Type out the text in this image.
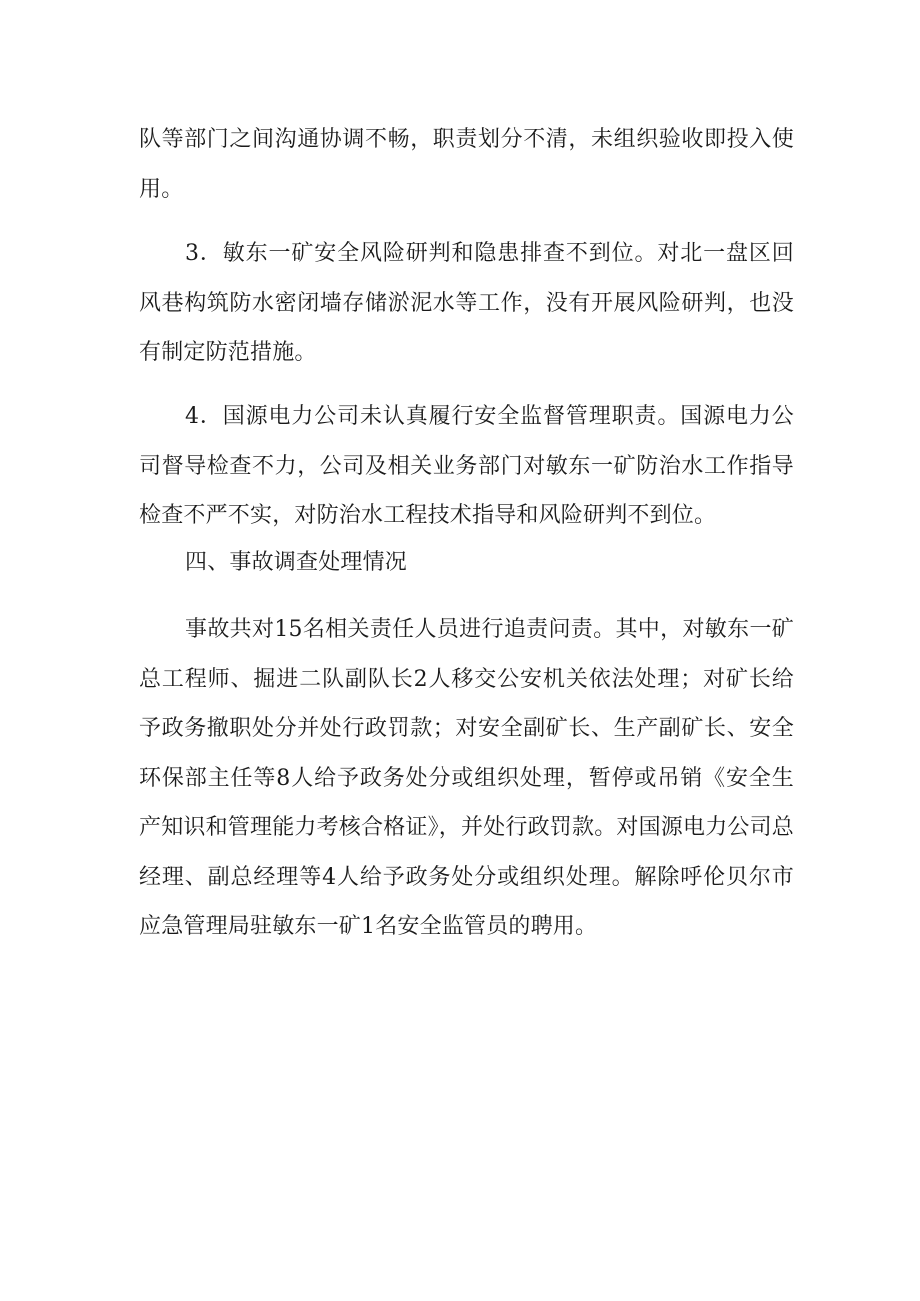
队等部门之间沟通协调不畅，职责划分不清，未组织验收即投入使用。

3．敏东一矿安全风险研判和隐患排查不到位。对北一盘区回风巷构筑防水密闭墙存储淤泥水等工作，没有开展风险研判，也没有制定防范措施。

4．国源电力公司未认真履行安全监督管理职责。国源电力公司督导检查不力，公司及相关业务部门对敏东一矿防治水工作指导检查不严不实，对防治水工程技术指导和风险研判不到位。

四、事故调查处理情况

事故共对15名相关责任人员进行追责问责。其中，对敏东一矿总工程师、掘进二队副队长2人移交公安机关依法处理；对矿长给予政务撤职处分并处行政罚款；对安全副矿长、生产副矿长、安全环保部主任等8人给予政务处分或组织处理，暂停或吊销《安全生产知识和管理能力考核合格证》，并处行政罚款。对国源电力公司总经理、副总经理等4人给予政务处分或组织处理。解除呼伦贝尔市应急管理局驻敏东一矿1名安全监管员的聘用。
